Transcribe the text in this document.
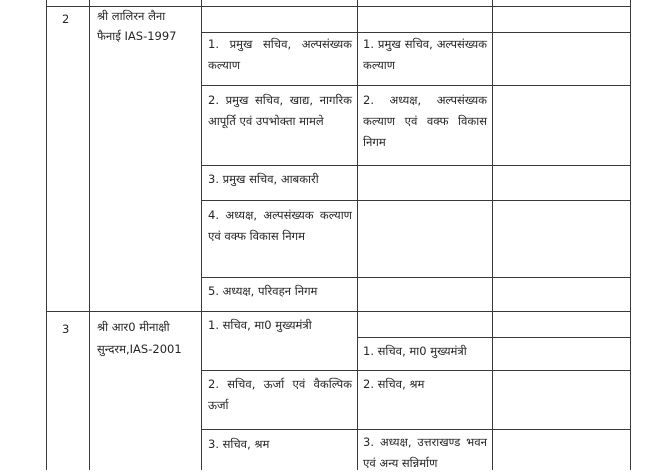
2 श्री लालिरन लैना
फैनाई IAS-1997
1. प्रमुख सचिव, अल्पसंख्यक कल्याण
2. प्रमुख सचिव, खाद्य, नागरिक आपूर्ति एवं उपभोक्ता मामले
3. प्रमुख सचिव, आबकारी
4. अध्यक्ष, अल्पसंख्यक कल्याण एवं वक्फ विकास निगम
5. अध्यक्ष, परिवहन निगम
1. प्रमुख सचिव, अल्पसंख्यक कल्याण
2. अध्यक्ष, अल्पसंख्यक कल्याण एवं वक्फ विकास निगम
3 श्री आर0 मीनाक्षी
सुन्दरम,IAS-2001
1. सचिव, मा0 मुख्यमंत्री
2. सचिव, ऊर्जा एवं वैकल्पिक ऊर्जा
3. सचिव, श्रम
1. सचिव, मा0 मुख्यमंत्री
2. सचिव, श्रम
3. अध्यक्ष, उत्तराखण्ड भवन एवं अन्य सन्निर्माण
